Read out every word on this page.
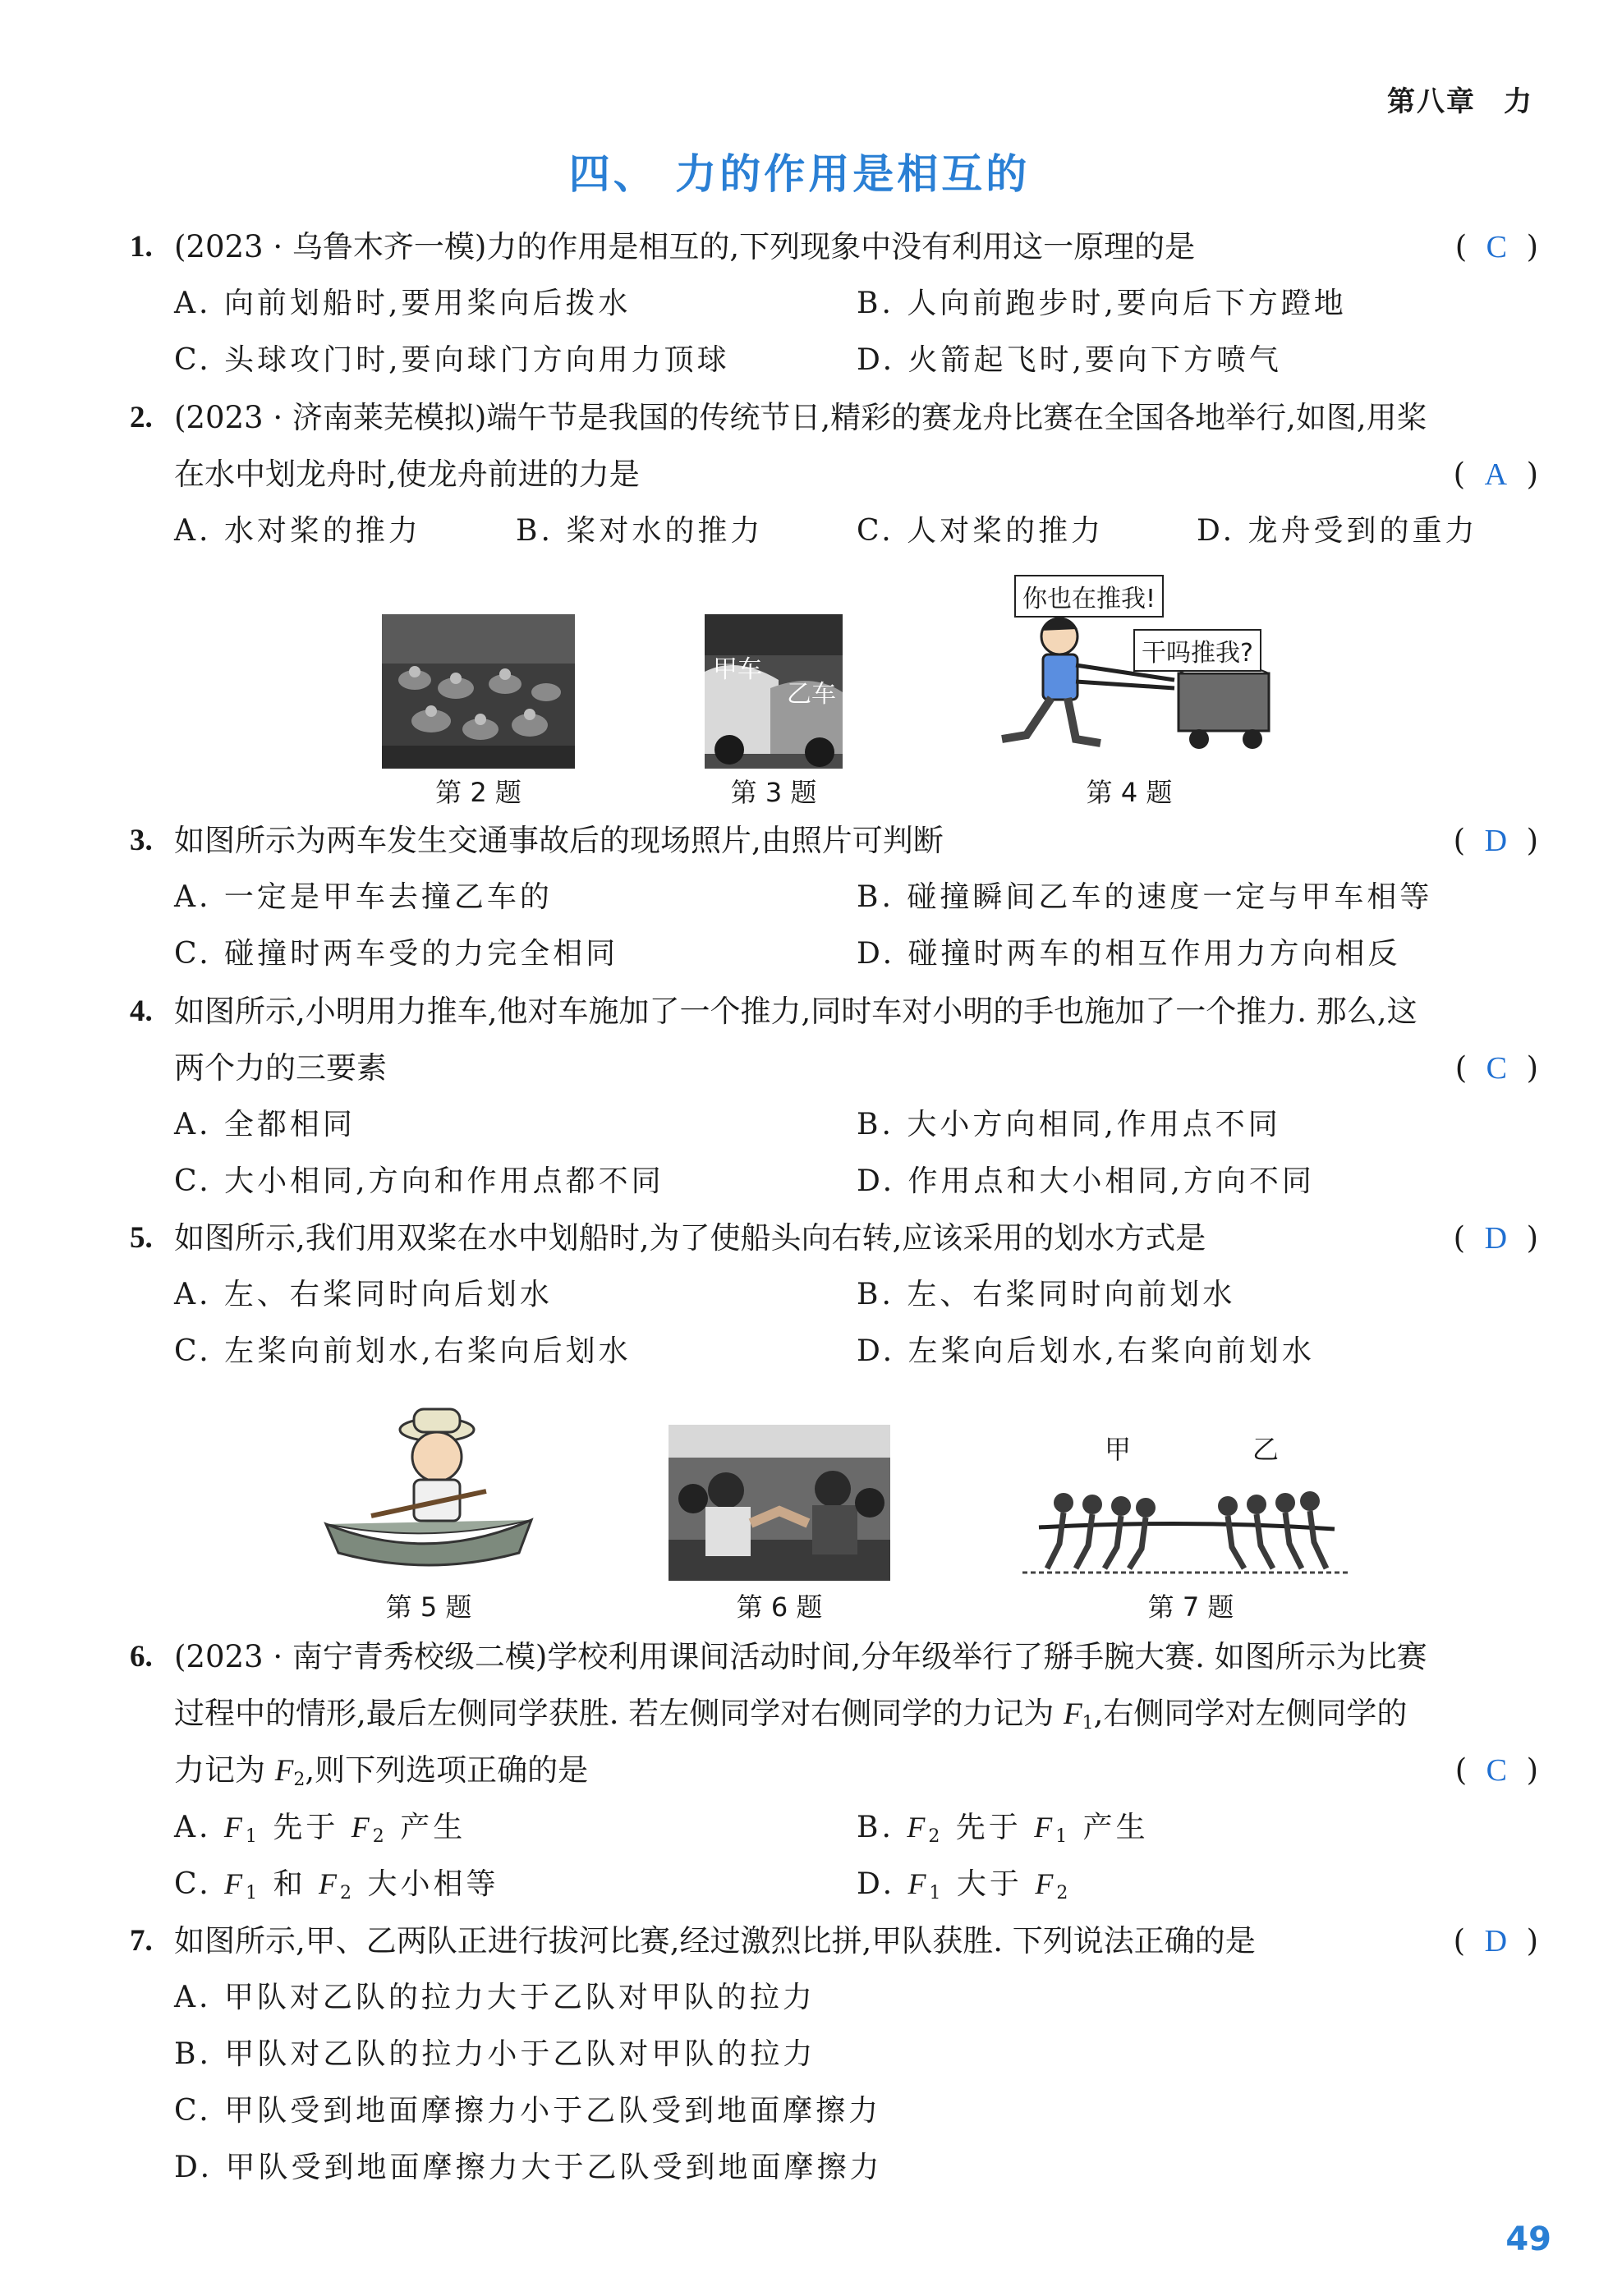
第八章 力
四、 力的作用是相互的
1. (2023 · 乌鲁木齐一模)力的作用是相互的,下列现象中没有利用这一原理的是	( C )
A. 向前划船时,要用桨向后拨水	B. 人向前跑步时,要向后下方蹬地
C. 头球攻门时,要向球门方向用力顶球	D. 火箭起飞时,要向下方喷气
2. (2023 · 济南莱芜模拟)端午节是我国的传统节日,精彩的赛龙舟比赛在全国各地举行,如图,用桨
在水中划龙舟时,使龙舟前进的力是	( A )
A. 水对桨的推力	B. 桨对水的推力	C. 人对桨的推力	D. 龙舟受到的重力
第 2 题
甲车
乙车
第 3 题
你也在推我!
干吗推我?
第 4 题
3. 如图所示为两车发生交通事故后的现场照片,由照片可判断	( D )
A. 一定是甲车去撞乙车的	B. 碰撞瞬间乙车的速度一定与甲车相等
C. 碰撞时两车受的力完全相同	D. 碰撞时两车的相互作用力方向相反
4. 如图所示,小明用力推车,他对车施加了一个推力,同时车对小明的手也施加了一个推力. 那么,这
两个力的三要素	( C )
A. 全都相同	B. 大小方向相同,作用点不同
C. 大小相同,方向和作用点都不同	D. 作用点和大小相同,方向不同
5. 如图所示,我们用双桨在水中划船时,为了使船头向右转,应该采用的划水方式是	( D )
A. 左、右桨同时向后划水	B. 左、右桨同时向前划水
C. 左桨向前划水,右桨向后划水	D. 左桨向后划水,右桨向前划水
第 5 题	第 6 题
甲	乙
第 7 题
6. (2023 · 南宁青秀校级二模)学校利用课间活动时间,分年级举行了掰手腕大赛. 如图所示为比赛
过程中的情形,最后左侧同学获胜. 若左侧同学对右侧同学的力记为 $F_1$,右侧同学对左侧同学的
力记为 $F_2$,则下列选项正确的是	( C )
A. $F_1$ 先于 $F_2$ 产生	B. $F_2$ 先于 $F_1$ 产生
C. $F_1$ 和 $F_2$ 大小相等	D. $F_1$ 大于 $F_2$
7. 如图所示,甲、乙两队正进行拔河比赛,经过激烈比拼,甲队获胜. 下列说法正确的是	( D )
A. 甲队对乙队的拉力大于乙队对甲队的拉力
B. 甲队对乙队的拉力小于乙队对甲队的拉力
C. 甲队受到地面摩擦力小于乙队受到地面摩擦力
D. 甲队受到地面摩擦力大于乙队受到地面摩擦力
49
